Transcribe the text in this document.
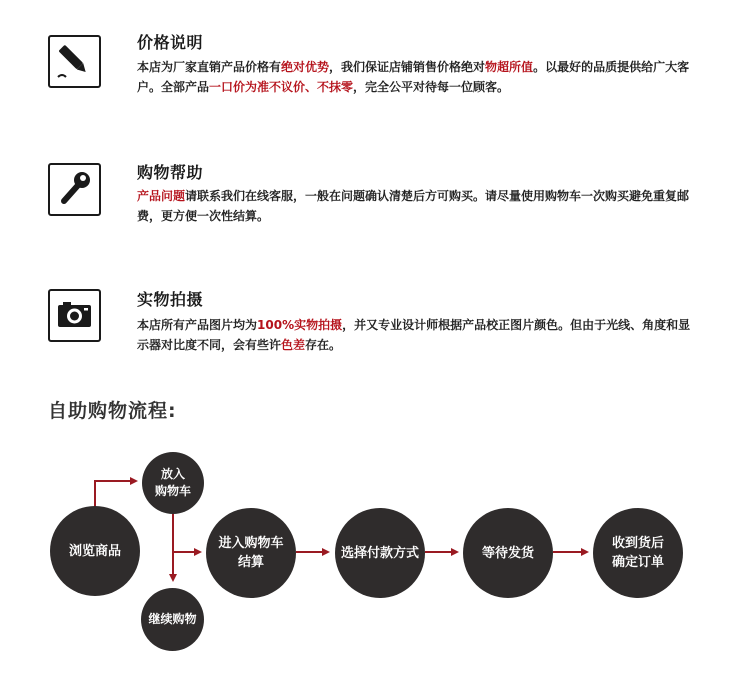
价格说明
本店为厂家直销产品价格有绝对优势，我们保证店铺销售价格绝对物超所值。以最好的品质提供给广大客户。全部产品一口价为准不议价、不抹零，完全公平对待每一位顾客。
购物帮助
产品问题请联系我们在线客服，一般在问题确认清楚后方可购买。请尽量使用购物车一次购买避免重复邮费，更方便一次性结算。
实物拍摄
本店所有产品图片均为100%实物拍摄，并又专业设计师根据产品校正图片颜色。但由于光线、角度和显示器对比度不同，会有些许色差存在。
自助购物流程:
浏览商品
放入
购物车
继续购物
进入购物车
结算
选择付款方式	等待发货
收到货后
确定订单
